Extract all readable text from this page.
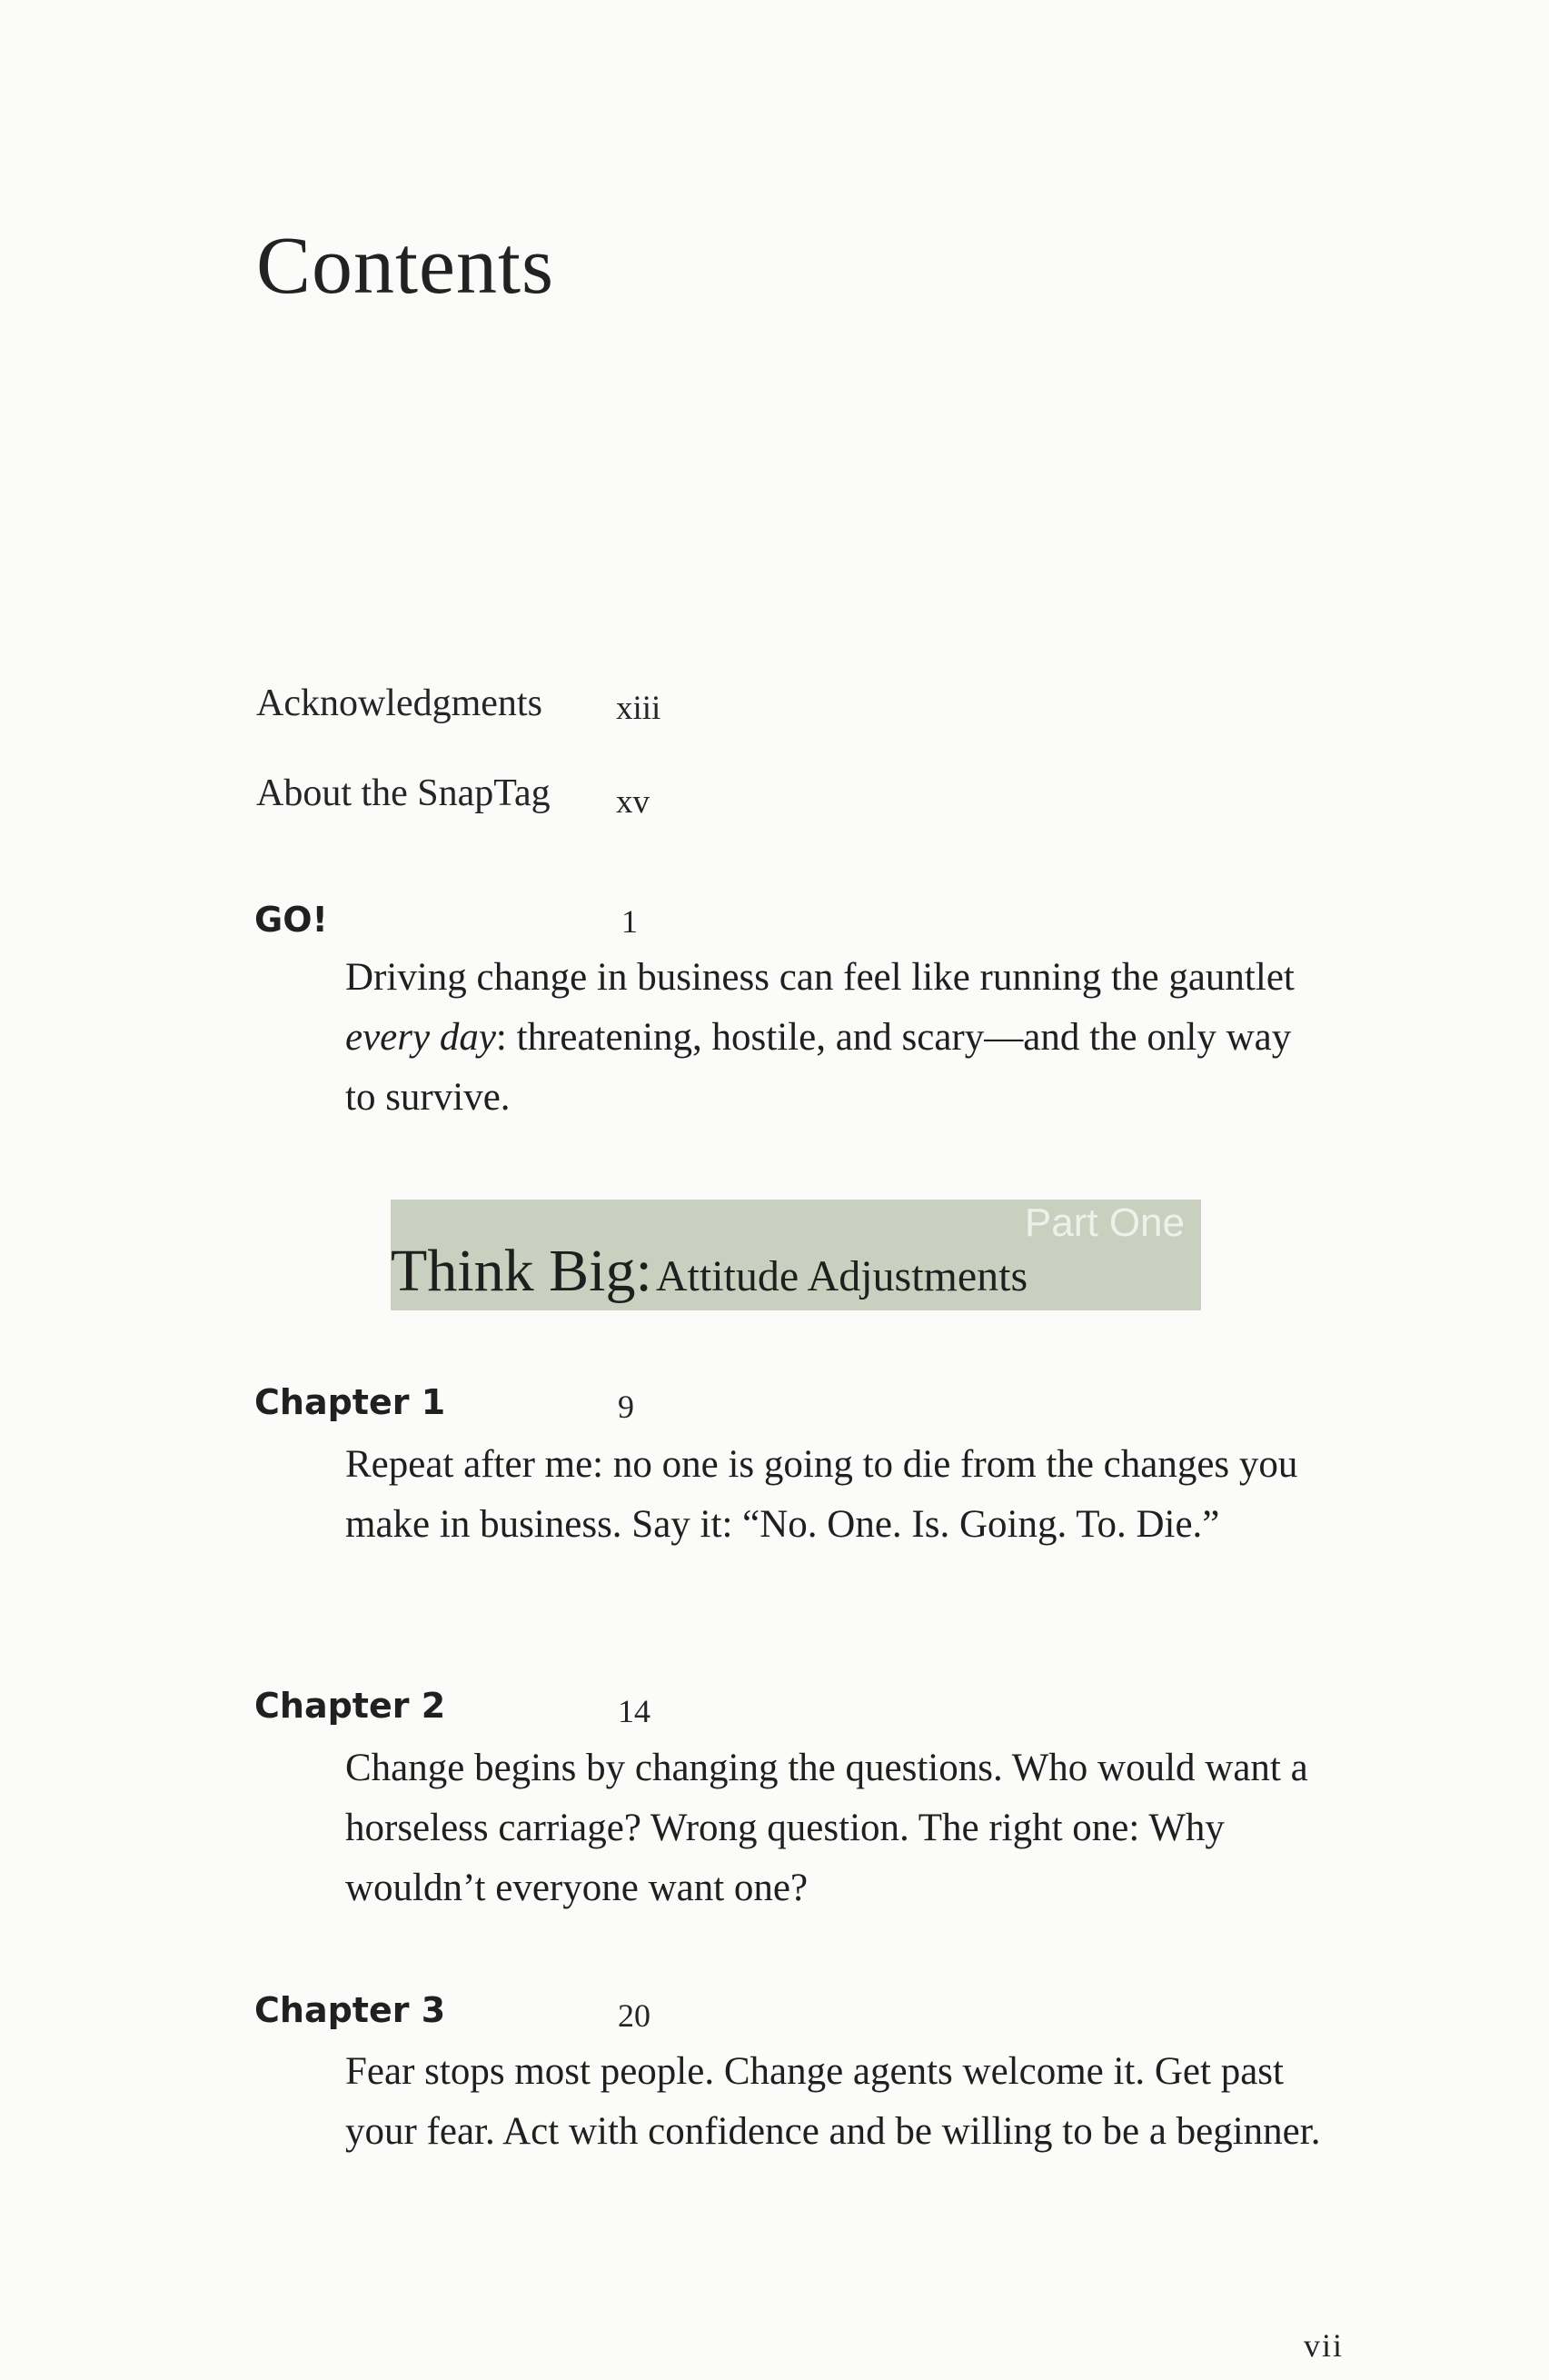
Contents
Acknowledgments xiii
About the SnapTag xv
GO!	1
Driving change in business can feel like running the gauntlet every day: threatening, hostile, and scary—and the only way to survive.
Part One
Think Big: Attitude Adjustments
Chapter 1	9
Repeat after me: no one is going to die from the changes you make in business. Say it: “No. One. Is. Going. To. Die.”
Chapter 2	14
Change begins by changing the questions. Who would want a horseless carriage? Wrong question. The right one: Why wouldn’t everyone want one?
Chapter 3	20
Fear stops most people. Change agents welcome it. Get past your fear. Act with confidence and be willing to be a beginner.
vii
